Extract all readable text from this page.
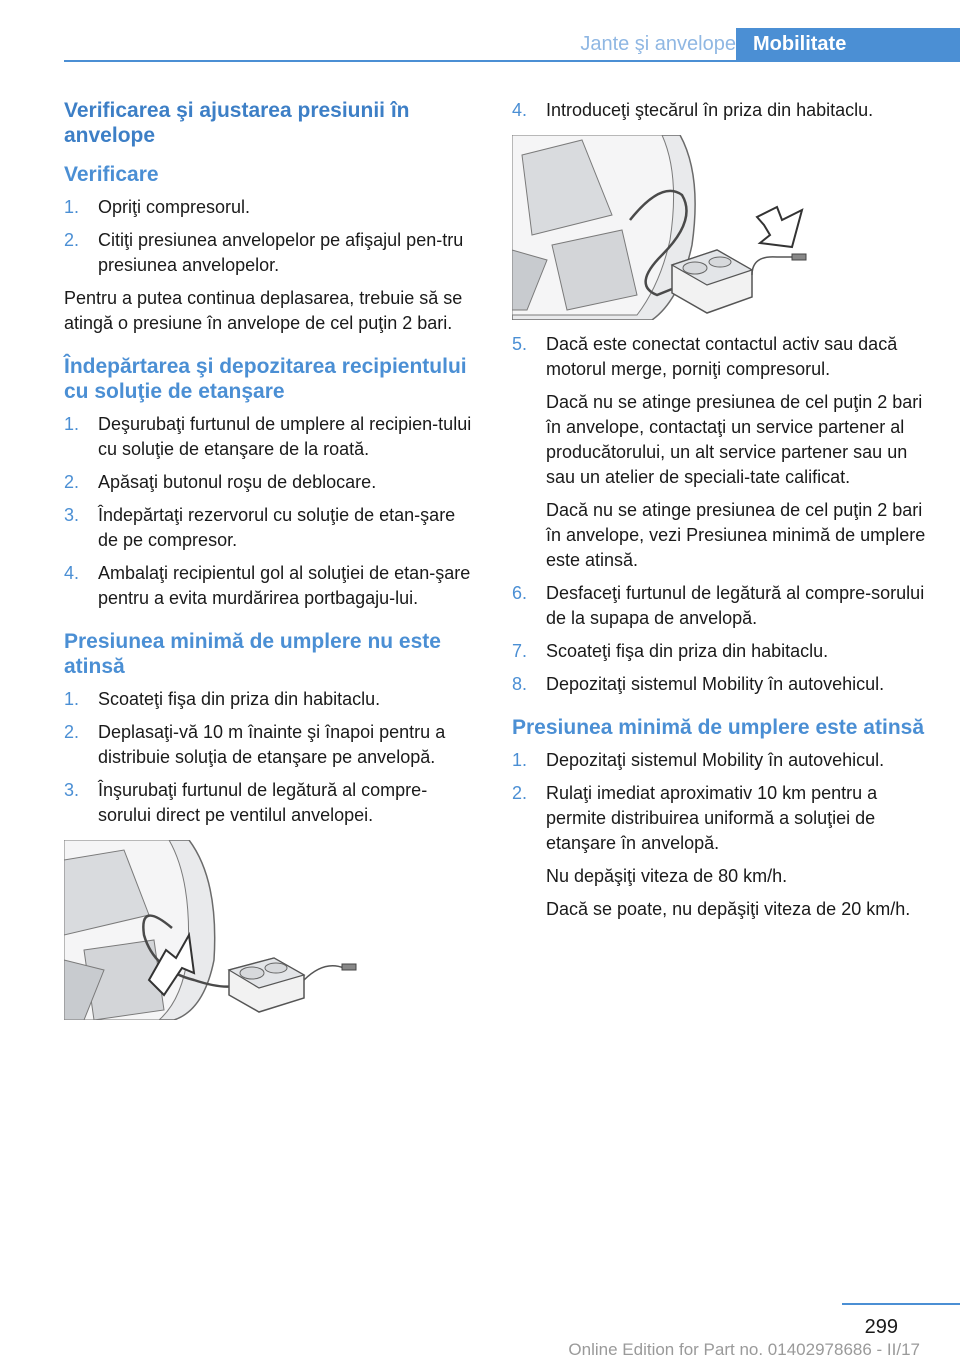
Jante şi anvelope Mobilitate
Verificarea şi ajustarea presiunii în anvelope
Verificare
1. Opriţi compresorul.
2. Citiţi presiunea anvelopelor pe afişajul pen‐tru presiunea anvelopelor.

Pentru a putea continua deplasarea, trebuie să se atingă o presiune în anvelope de cel puţin 2 bari.

Îndepărtarea şi depozitarea recipientului cu soluţie de etanşare
1. Deşurubaţi furtunul de umplere al recipien‐tului cu soluţie de etanşare de la roată.
2. Apăsaţi butonul roşu de deblocare.
3. Îndepărtaţi rezervorul cu soluţie de etan‐şare de pe compresor.
4. Ambalaţi recipientul gol al soluţiei de etan‐şare pentru a evita murdărirea portbagaju‐lui.
Presiunea minimă de umplere nu este atinsă
1. Scoateţi fişa din priza din habitaclu.
2. Deplasaţi-vă 10 m înainte şi înapoi pentru a distribuie soluţia de etanşare pe anvelopă.
3. Înşurubaţi furtunul de legătură al compre‐sorului direct pe ventilul anvelopei.
4. Introduceţi ştecărul în priza din habitaclu.
5. Dacă este conectat contactul activ sau dacă motorul merge, porniţi compresorul.
Dacă nu se atinge presiunea de cel puţin 2 bari în anvelope, contactaţi un service partener al producătorului, un alt service partener sau un sau un atelier de speciali‐tate calificat.
Dacă nu se atinge presiunea de cel puţin 2 bari în anvelope, vezi Presiunea minimă de umplere este atinsă.
6. Desfaceţi furtunul de legătură al compre‐sorului de la supapa de anvelopă.
7. Scoateţi fişa din priza din habitaclu.
8. Depozitaţi sistemul Mobility în autovehicul.
Presiunea minimă de umplere este atinsă
1. Depozitaţi sistemul Mobility în autovehicul.
2. Rulaţi imediat aproximativ 10 km pentru a permite distribuirea uniformă a soluţiei de etanşare în anvelopă.
Nu depăşiţi viteza de 80 km/h.
Dacă se poate, nu depăşiţi viteza de 20 km/h.
299
Online Edition for Part no. 01402978686 - II/17
